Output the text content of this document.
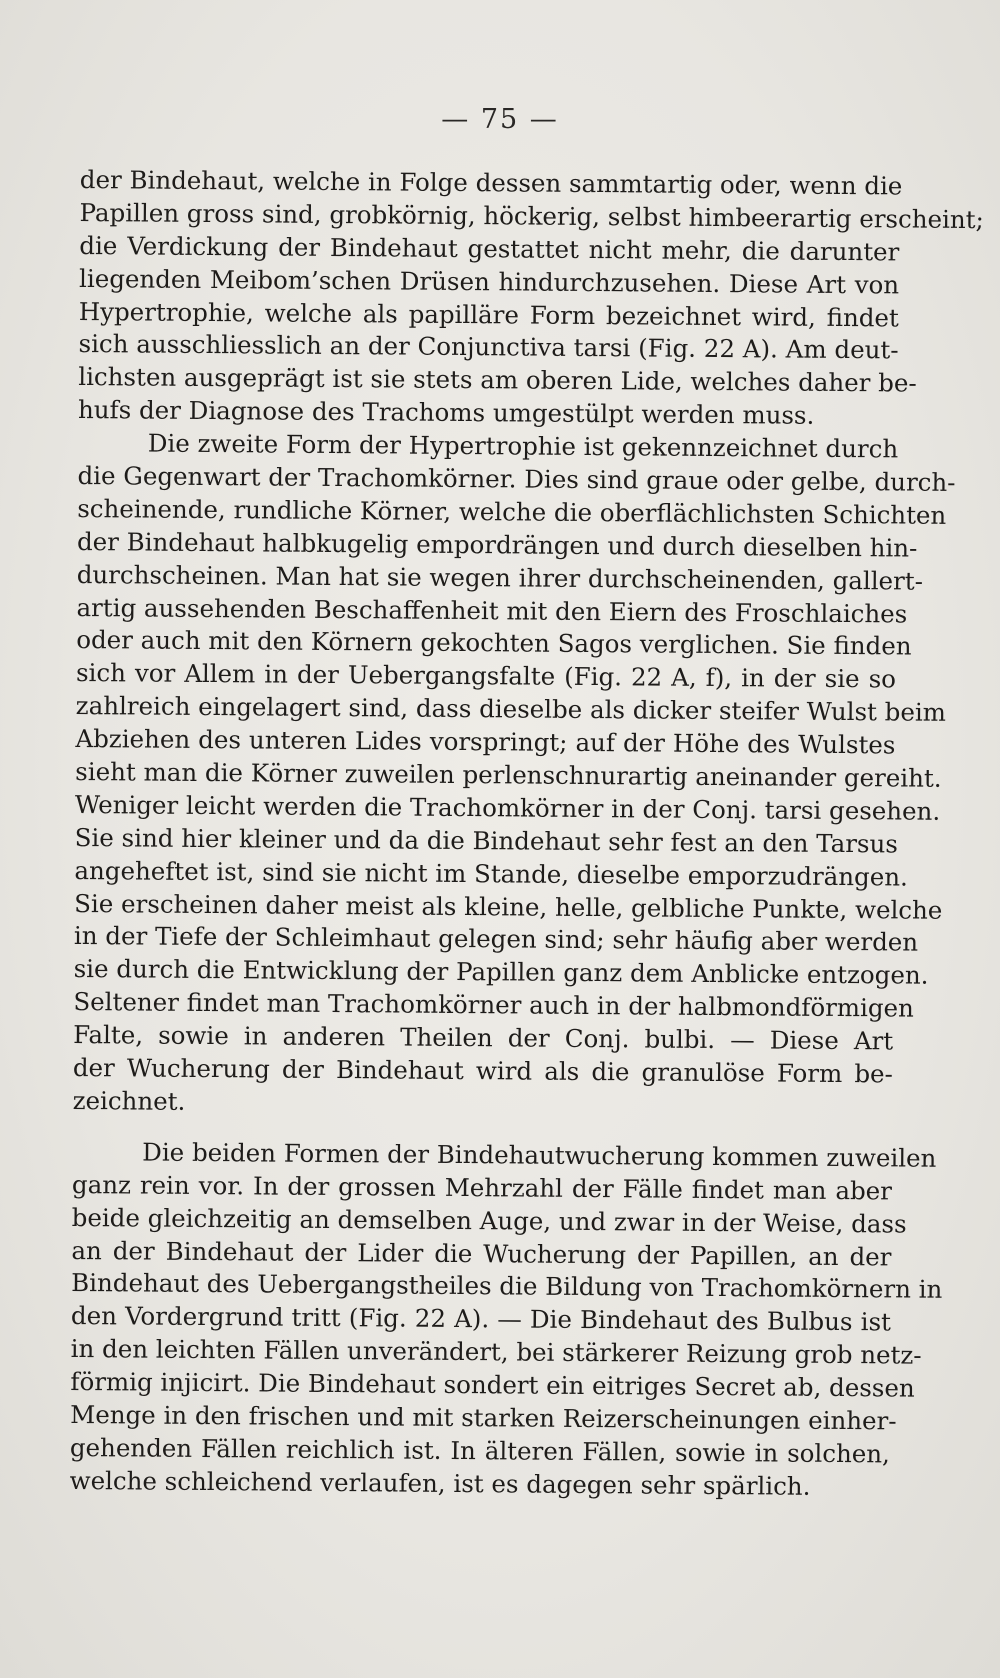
— 75 —
der Bindehaut, welche in Folge dessen sammtartig oder, wenn die
Papillen gross sind, grobkörnig, höckerig, selbst himbeerartig erscheint;
die Verdickung der Bindehaut gestattet nicht mehr, die darunter
liegenden Meibom’schen Drüsen hindurchzusehen. Diese Art von
Hypertrophie, welche als papilläre Form bezeichnet wird, findet
sich ausschliesslich an der Conjunctiva tarsi (Fig. 22 A). Am deut-
lichsten ausgeprägt ist sie stets am oberen Lide, welches daher be-
hufs der Diagnose des Trachoms umgestülpt werden muss.
Die zweite Form der Hypertrophie ist gekennzeichnet durch
die Gegenwart der Trachomkörner. Dies sind graue oder gelbe, durch-
scheinende, rundliche Körner, welche die oberflächlichsten Schichten
der Bindehaut halbkugelig empordrängen und durch dieselben hin-
durchscheinen. Man hat sie wegen ihrer durchscheinenden, gallert-
artig aussehenden Beschaffenheit mit den Eiern des Froschlaiches
oder auch mit den Körnern gekochten Sagos verglichen. Sie finden
sich vor Allem in der Uebergangsfalte (Fig. 22 A, f), in der sie so
zahlreich eingelagert sind, dass dieselbe als dicker steifer Wulst beim
Abziehen des unteren Lides vorspringt; auf der Höhe des Wulstes
sieht man die Körner zuweilen perlenschnurartig aneinander gereiht.
Weniger leicht werden die Trachomkörner in der Conj. tarsi gesehen.
Sie sind hier kleiner und da die Bindehaut sehr fest an den Tarsus
angeheftet ist, sind sie nicht im Stande, dieselbe emporzudrängen.
Sie erscheinen daher meist als kleine, helle, gelbliche Punkte, welche
in der Tiefe der Schleimhaut gelegen sind; sehr häufig aber werden
sie durch die Entwicklung der Papillen ganz dem Anblicke entzogen.
Seltener findet man Trachomkörner auch in der halbmondförmigen
Falte, sowie in anderen Theilen der Conj. bulbi. — Diese Art
der Wucherung der Bindehaut wird als die granulöse Form be-
zeichnet.
Die beiden Formen der Bindehautwucherung kommen zuweilen
ganz rein vor. In der grossen Mehrzahl der Fälle findet man aber
beide gleichzeitig an demselben Auge, und zwar in der Weise, dass
an der Bindehaut der Lider die Wucherung der Papillen, an der
Bindehaut des Uebergangstheiles die Bildung von Trachomkörnern in
den Vordergrund tritt (Fig. 22 A). — Die Bindehaut des Bulbus ist
in den leichten Fällen unverändert, bei stärkerer Reizung grob netz-
förmig injicirt. Die Bindehaut sondert ein eitriges Secret ab, dessen
Menge in den frischen und mit starken Reizerscheinungen einher-
gehenden Fällen reichlich ist. In älteren Fällen, sowie in solchen,
welche schleichend verlaufen, ist es dagegen sehr spärlich.
